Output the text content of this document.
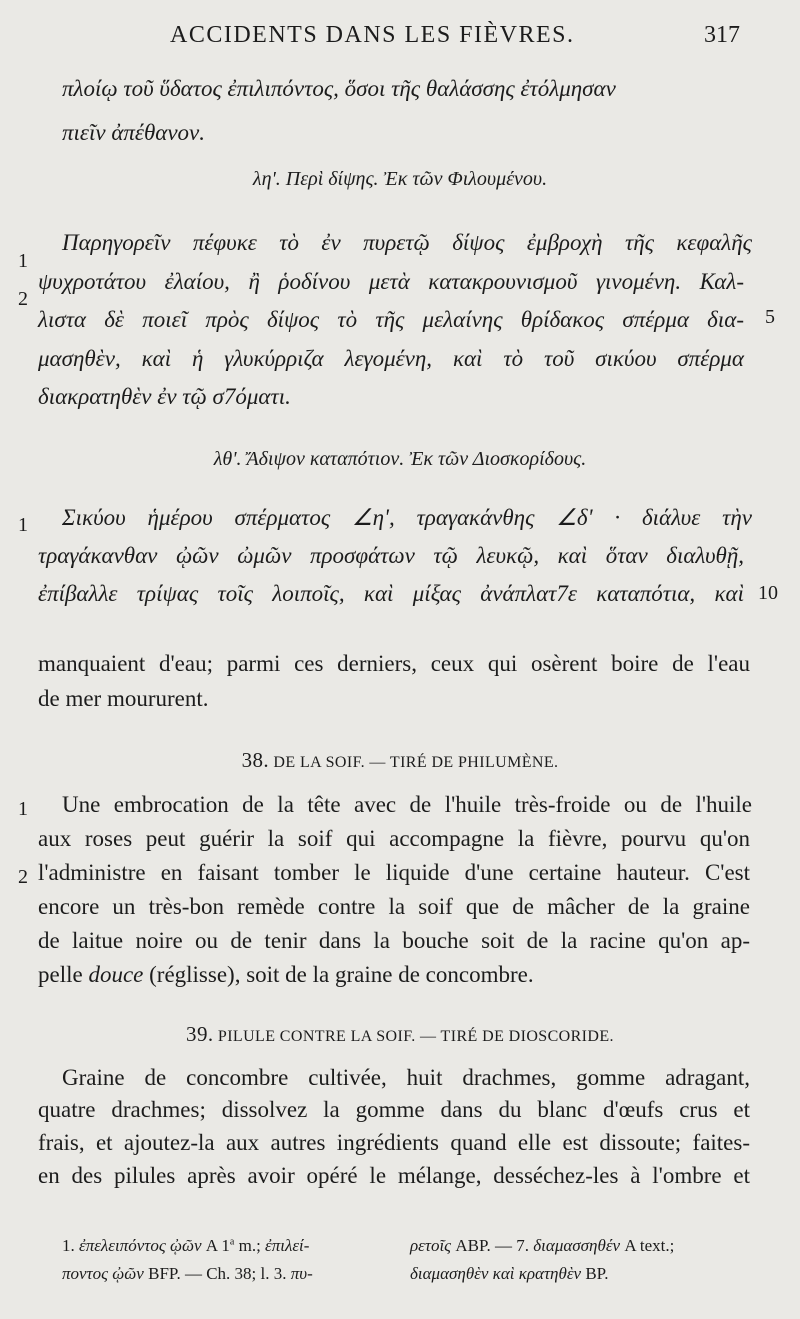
ACCIDENTS DANS LES FIÈVRES.	317
πλοίῳ τοῦ ὕδατος ἐπιλιπόντος, ὅσοι τῆς θαλάσσης ἐτόλμησαν
πιεῖν ἀπέθανον.
λη'. Περὶ δίψης. Ἐκ τῶν Φιλουμένου.
1
2
5
Παρηγορεῖν πέφυκε τὸ ἐν πυρετῷ δίψος ἐμβροχὴ τῆς κεφαλῆς
ψυχροτάτου ἐλαίου, ἢ ῥοδίνου μετὰ κατακρουνισμοῦ γινομένη. Καλ-
λιστα δὲ ποιεῖ πρὸς δίψος τὸ τῆς μελαίνης θρίδακος σπέρμα δια-
μασηθὲν, καὶ ἡ γλυκύρριζα λεγομένη, καὶ τὸ τοῦ σικύου σπέρμα
διακρατηθὲν ἐν τῷ σ7όματι.
λθ'. Ἄδιψον καταπότιον. Ἐκ τῶν Διοσκορίδους.
1
10
Σικύου ἡμέρου σπέρματος ∠η', τραγακάνθης ∠δ' · διάλυε τὴν
τραγάκανθαν ᾠῶν ὠμῶν προσφάτων τῷ λευκῷ, καὶ ὅταν διαλυθῇ,
ἐπίβαλλε τρίψας τοῖς λοιποῖς, καὶ μίξας ἀνάπλατ7ε καταπότια, καὶ
manquaient d'eau; parmi ces derniers, ceux qui osèrent boire de l'eau
de mer moururent.
38. DE LA SOIF. — TIRÉ DE PHILUMÈNE.
1
2
Une embrocation de la tête avec de l'huile très-froide ou de l'huile
aux roses peut guérir la soif qui accompagne la fièvre, pourvu qu'on
l'administre en faisant tomber le liquide d'une certaine hauteur. C'est
encore un très-bon remède contre la soif que de mâcher de la graine
de laitue noire ou de tenir dans la bouche soit de la racine qu'on ap-
pelle douce (réglisse), soit de la graine de concombre.
39. PILULE CONTRE LA SOIF. — TIRÉ DE DIOSCORIDE.
Graine de concombre cultivée, huit drachmes, gomme adragant,
quatre drachmes; dissolvez la gomme dans du blanc d'œufs crus et
frais, et ajoutez-la aux autres ingrédients quand elle est dissoute; faites-
en des pilules après avoir opéré le mélange, desséchez-les à l'ombre et
1. ἐπελειπόντος ᾠῶν A 1$^a$ m.; ἐπιλεί-
ποντος ᾠῶν BFP. — Ch. 38; l. 3. πυ-
ρετοῖς ABP. — 7. διαμασσηθέν A text.;
διαμασηθὲν καὶ κρατηθὲν BP.
